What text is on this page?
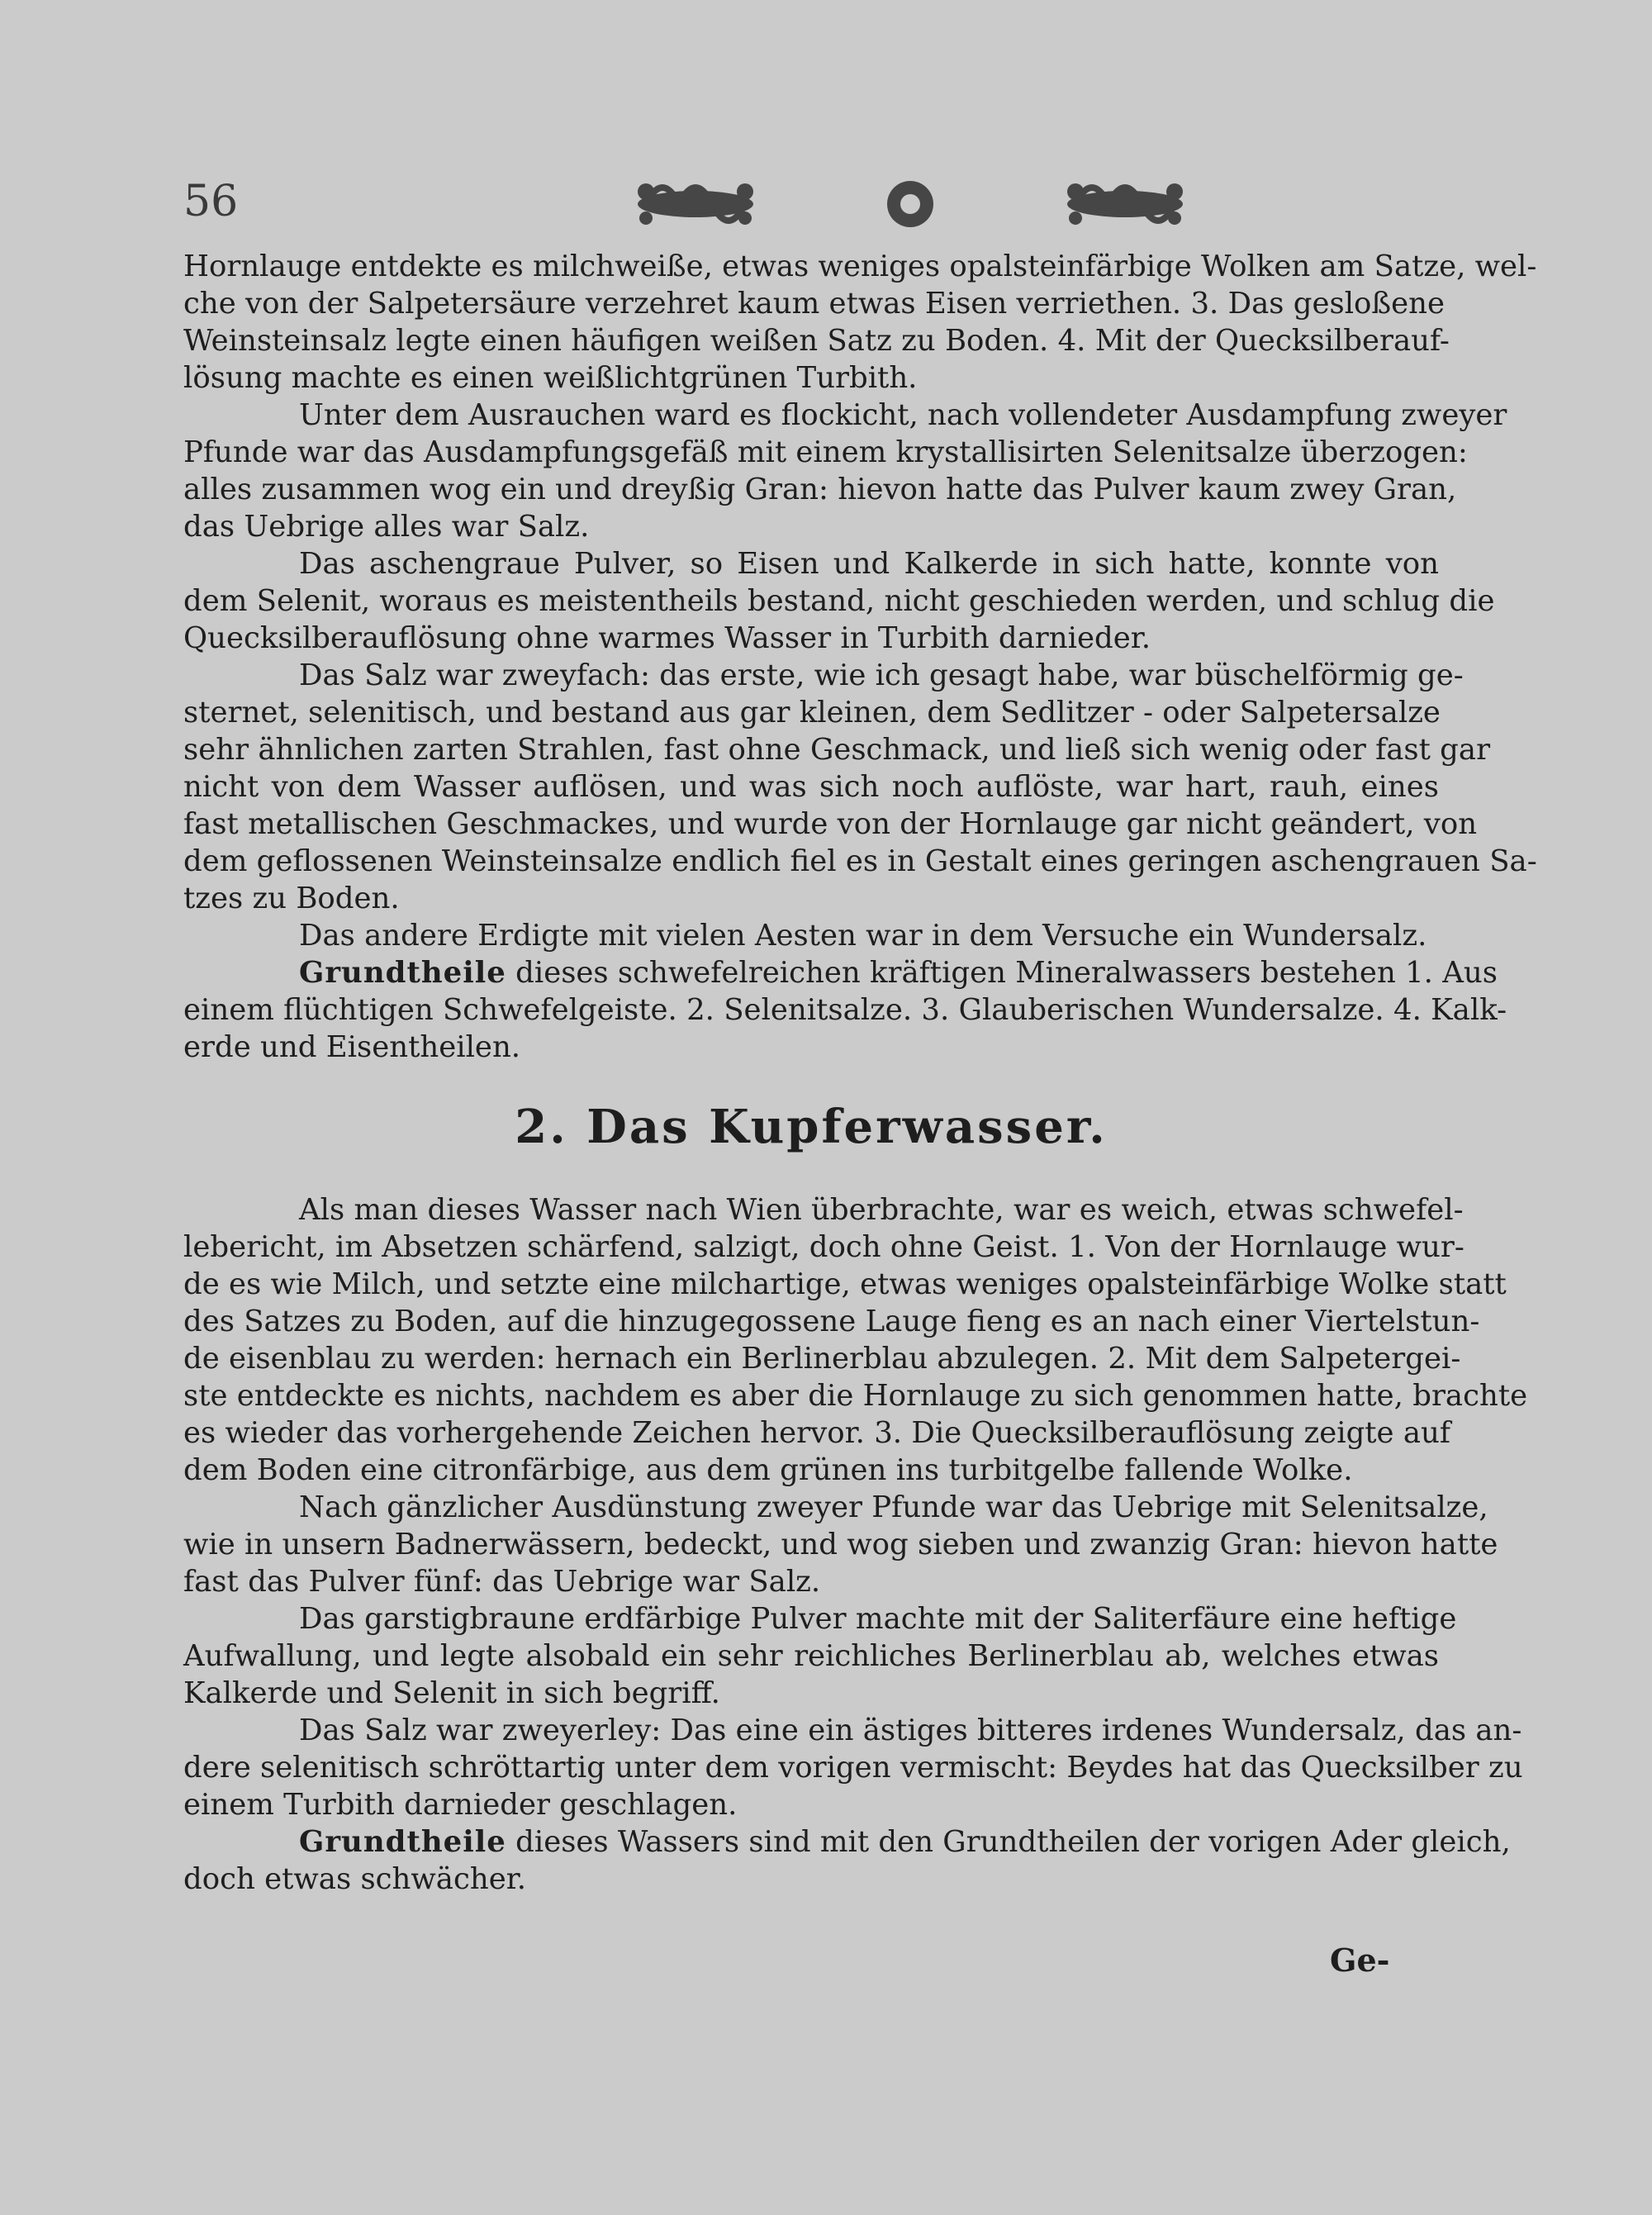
56
Hornlauge entdekte es milchweiße, etwas weniges opalsteinfärbige Wolken am Satze, wel-
che von der Salpetersäure verzehret kaum etwas Eisen verriethen. 3. Das gesloßene
Weinsteinsalz legte einen häufigen weißen Satz zu Boden. 4. Mit der Quecksilberauf-
lösung machte es einen weißlichtgrünen Turbith.
Unter dem Ausrauchen ward es flockicht, nach vollendeter Ausdampfung zweyer
Pfunde war das Ausdampfungsgefäß mit einem krystallisirten Selenitsalze überzogen:
alles zusammen wog ein und dreyßig Gran: hievon hatte das Pulver kaum zwey Gran,
das Uebrige alles war Salz.
Das aschengraue Pulver, so Eisen und Kalkerde in sich hatte, konnte von
dem Selenit, woraus es meistentheils bestand, nicht geschieden werden, und schlug die
Quecksilberauflösung ohne warmes Wasser in Turbith darnieder.
Das Salz war zweyfach: das erste, wie ich gesagt habe, war büschelförmig ge-
sternet, selenitisch, und bestand aus gar kleinen, dem Sedlitzer - oder Salpetersalze
sehr ähnlichen zarten Strahlen, fast ohne Geschmack, und ließ sich wenig oder fast gar
nicht von dem Wasser auflösen, und was sich noch auflöste, war hart, rauh, eines
fast metallischen Geschmackes, und wurde von der Hornlauge gar nicht geändert, von
dem geflossenen Weinsteinsalze endlich fiel es in Gestalt eines geringen aschengrauen Sa-
tzes zu Boden.
Das andere Erdigte mit vielen Aesten war in dem Versuche ein Wundersalz.
Grundtheile dieses schwefelreichen kräftigen Mineralwassers bestehen 1. Aus
einem flüchtigen Schwefelgeiste. 2. Selenitsalze. 3. Glauberischen Wundersalze. 4. Kalk-
erde und Eisentheilen.
2. Das Kupferwasser.
Als man dieses Wasser nach Wien überbrachte, war es weich, etwas schwefel-
lebericht, im Absetzen schärfend, salzigt, doch ohne Geist. 1. Von der Hornlauge wur-
de es wie Milch, und setzte eine milchartige, etwas weniges opalsteinfärbige Wolke statt
des Satzes zu Boden, auf die hinzugegossene Lauge fieng es an nach einer Viertelstun-
de eisenblau zu werden: hernach ein Berlinerblau abzulegen. 2. Mit dem Salpetergei-
ste entdeckte es nichts, nachdem es aber die Hornlauge zu sich genommen hatte, brachte
es wieder das vorhergehende Zeichen hervor. 3. Die Quecksilberauflösung zeigte auf
dem Boden eine citronfärbige, aus dem grünen ins turbitgelbe fallende Wolke.
Nach gänzlicher Ausdünstung zweyer Pfunde war das Uebrige mit Selenitsalze,
wie in unsern Badnerwässern, bedeckt, und wog sieben und zwanzig Gran: hievon hatte
fast das Pulver fünf: das Uebrige war Salz.
Das garstigbraune erdfärbige Pulver machte mit der Saliterfäure eine heftige
Aufwallung, und legte alsobald ein sehr reichliches Berlinerblau ab, welches etwas
Kalkerde und Selenit in sich begriff.
Das Salz war zweyerley: Das eine ein ästiges bitteres irdenes Wundersalz, das an-
dere selenitisch schröttartig unter dem vorigen vermischt: Beydes hat das Quecksilber zu
einem Turbith darnieder geschlagen.
Grundtheile dieses Wassers sind mit den Grundtheilen der vorigen Ader gleich,
doch etwas schwächer.
Ge-
